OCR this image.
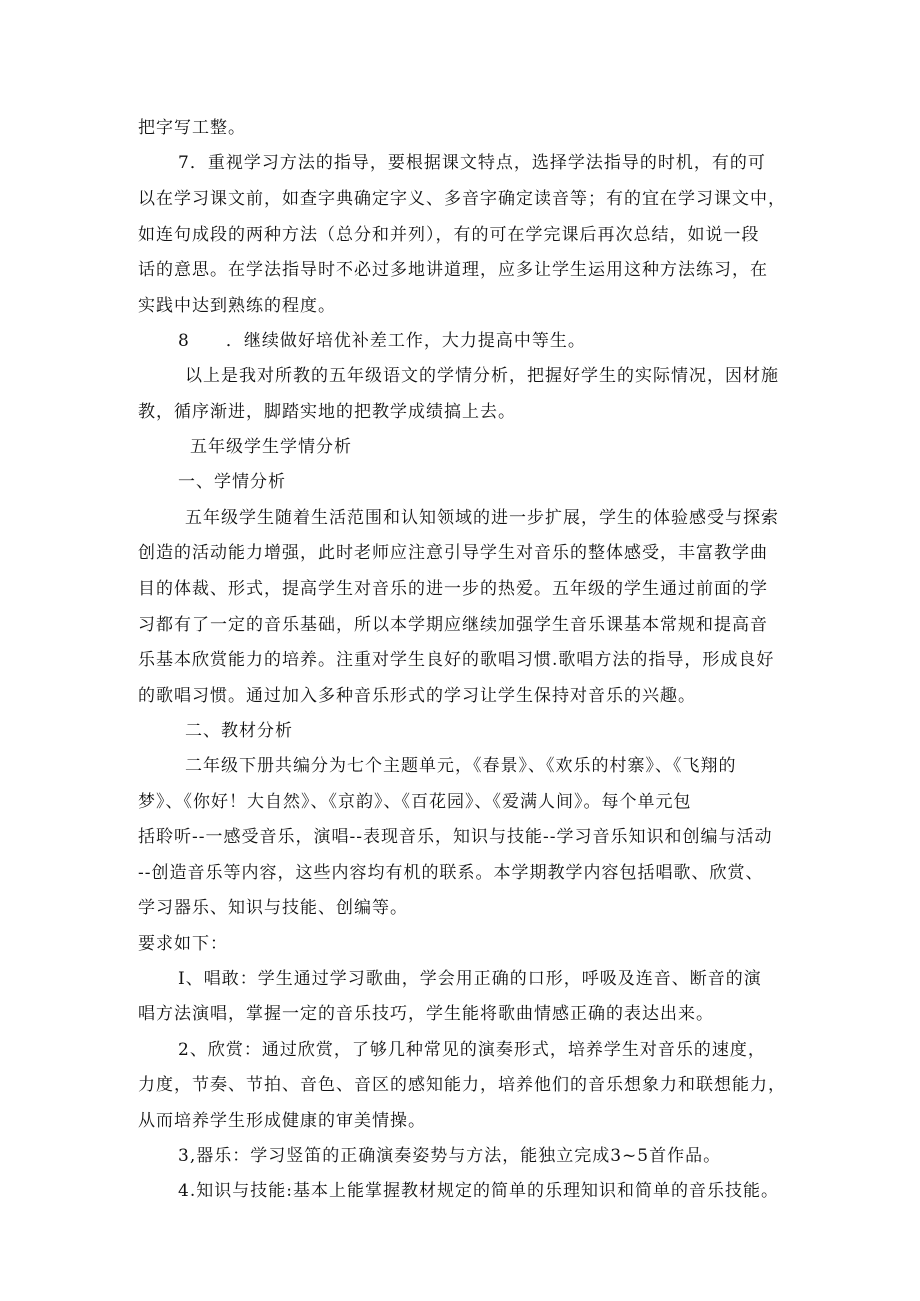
把字写工整。

7．重视学习方法的指导，要根据课文特点，选择学法指导的时机，有的可

以在学习课文前，如查字典确定字义、多音字确定读音等；有的宜在学习课文中，

如连句成段的两种方法（总分和并列），有的可在学完课后再次总结，如说一段

话的意思。在学法指导时不必过多地讲道理，应多让学生运用这种方法练习，在

实践中达到熟练的程度。

8　　．继续做好培优补差工作，大力提高中等生。

以上是我对所教的五年级语文的学情分析，把握好学生的实际情况，因材施

教，循序渐进，脚踏实地的把教学成绩搞上去。

五年级学生学情分析

一、学情分析

五年级学生随着生活范围和认知领域的进一步扩展，学生的体验感受与探索

创造的活动能力增强，此时老师应注意引导学生对音乐的整体感受，丰富教学曲

目的体裁、形式，提高学生对音乐的进一步的热爱。五年级的学生通过前面的学

习都有了一定的音乐基础，所以本学期应继续加强学生音乐课基本常规和提高音

乐基本欣赏能力的培养。注重对学生良好的歌唱习惯.歌唱方法的指导，形成良好

的歌唱习惯。通过加入多种音乐形式的学习让学生保持对音乐的兴趣。

二、教材分析

二年级下册共编分为七个主题单元，《春景》、《欢乐的村寨》、《飞翔的

梦》、《你好！大自然》、《京韵》、《百花园》、《爱满人间》。每个单元包

括聆听--一感受音乐，演唱--表现音乐，知识与技能--学习音乐知识和创编与活动

--创造音乐等内容，这些内容均有机的联系。本学期教学内容包括唱歌、欣赏、

学习器乐、知识与技能、创编等。

要求如下：

I、唱敢：学生通过学习歌曲，学会用正确的口形，呼吸及连音、断音的演

唱方法演唱，掌握一定的音乐技巧，学生能将歌曲情感正确的表达出来。

2、欣赏：通过欣赏，了够几种常见的演奏形式，培养学生对音乐的速度，

力度，节奏、节拍、音色、音区的感知能力，培养他们的音乐想象力和联想能力，

从而培养学生形成健康的审美情操。

3,器乐：学习竖笛的正确演奏姿势与方法，能独立完成3~5首作品。

4.知识与技能:基本上能掌握教材规定的简单的乐理知识和简单的音乐技能。
